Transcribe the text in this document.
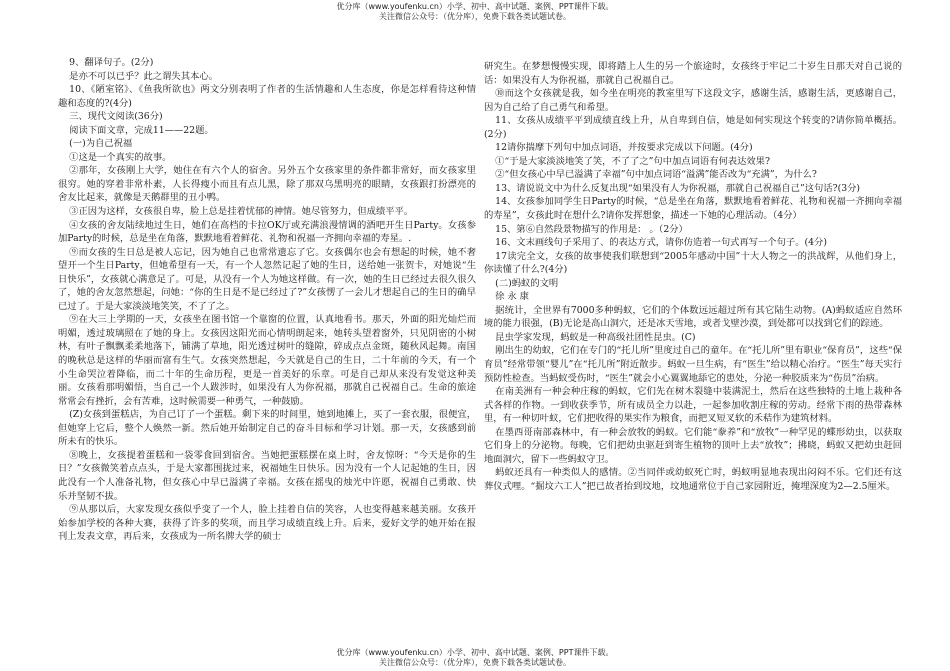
优分库（www.youfenku.cn）小学、初中、高中试题、案例、PPT课件下载。
关注微信公众号：（优分库），免费下载各类试题试卷。

9、翻译句子。(2分)

是亦不可以已乎？此之谓失其本心。

10、《陋室铭》、《鱼我所欲也》两文分别表明了作者的生活情趣和人生态度，你是怎样看待这种情趣和态度的?(4分)

三、现代文阅读(36分)

阅读下面文章，完成11——22题。

(一)为自己祝福

①这是一个真实的故事。

②那年，女孩刚上大学，她住在有六个人的宿舍。另外五个女孩家里的条件都非常好，而女孩家里很穷。她的穿着非常朴素，人长得瘦小而且有点儿黑，除了那双乌黑明亮的眼睛，女孩跟打扮漂亮的舍友比起来，就像是天鹅群里的丑小鸭。

③正因为这样，女孩很自卑，脸上总是挂着忧郁的神情。她尽管努力，但成绩平平。

④女孩的舍友陆续地过生日，她们在高档的卡拉OK厅或充满浪漫情调的酒吧开生日Party。女孩参加Party的时候，总是坐在角落，默默地看着鲜花、礼物和祝福一齐拥向幸福的寿星。.

⑨而女孩的生日总是被人忘记，因为她自己也常常遗忘了它。女孩偶尔也会有想起的时候，她不奢望开一个生日Party，但她希望有一天，有一个人忽然记起了她的生日，送给她一张贺卡，对她说“生日快乐”，女孩就心满意足了。可是，从没有一个人为她这样做。有一次，她的生日已经过去很久很久了，她的舍友忽然想起，问她：“你的生日是不是已经过了?”女孩愣了一会儿才想起自己的生日的确早已过了。于是大家淡淡地笑笑，不了了之。

⑨在大三上学期的一天，女孩坐在图书馆一个靠窗的位置，认真地看书。那天，外面的阳光灿烂而明媚，透过玻璃照在了她的身上。女孩因这阳光而心情明朗起来，她转头望着窗外，只见阴密的小树林，有叶子飘飘柔柔地落下，铺满了草地，阳光透过树叶的缝隙，碎成点点金斑，随秋风起舞。南国的晚秋总是这样的华丽而富有生气。女孩突然想起，今天就是自己的生日，二十年前的今天，有一个小生命哭泣着降临，而二十年的生命历程，更是一首美好的乐章。可是自己却从来没有发觉这种美丽。女孩看那明媚悟，当自己一个人跋涉时，如果没有人为你祝福，那就自己祝福自己。生命的旅途常常会有挫折，会有苦难，这时候需要一种勇气，一种鼓励。

(Z)女孩到蛋糕店，为自己订了一个蛋糕。剩下来的时间里，她到地摊上，买了一套衣服，很便宜，但她穿上它后，整个人焕然一新。然后她开始制定自己的奋斗目标和学习计划。那一天，女孩感到前所未有的快乐。

⑧晚上，女孩提着蛋糕和一袋零食回到宿舍。当她把蛋糕摆在桌上时，舍友惊呀：“今天是你的生日？”女孩微笑着点点头，于是大家都围拢过来，祝福她生日快乐。因为没有一个人记起她的生日，因此没有一个人准备礼物，但女孩心中早已溢满了幸福。女孩在摇曳的烛光中许愿，祝福自己勇敢、快乐并坚韧不拔。

⑨从那以后，大家发现女孩似乎变了一个人，脸上挂着自信的笑容，人也变得越来越美丽。女孩开始参加学校的各种大赛，获得了许多的奖项，而且学习成绩直线上升。后来，爱好文学的她开始在报刊上发表文章，再后来，女孩成为一所名牌大学的硕士

研究生。在梦想慢慢实现，即将踏上人生的另一个旅途时，女孩终于牢记二十岁生日那天对自己说的话：如果没有人为你祝福，那就自己祝福自己。

⑩而这个女孩就是我，如今坐在明亮的教室里写下这段文字，感谢生活，感谢生活，更感谢自己，因为自己给了自己勇气和希望。

11、女孩从成绩平平到成绩直线上升，从自卑到自信，她是如何实现这个转变的?请你简单概括。(2分)

12请你揣摩下列句中加点词语，并按要求完成以下问题。(4分)

①“于是大家淡淡地笑了笑，不了了之”句中加点词语有何表达效果?

②“但女孩心中早已溢满了幸福”句中加点词语“溢满”能否改为“充满”，为什么?

13、请说说文中为什么反复出现“如果没有人为你祝福，那就自己祝福自己”这句话?(3分)

14、女孩参加同学生日Party的时候，“总是坐在角落，默默地看着鲜花、礼物和祝福一齐拥向幸福的寿星”，女孩此时在想什么?请你发挥想象，描述一下她的心理活动。（4分）

15、第⑥自然段景物描写的作用是： 。（2分）

16、文末画线句子采用了、的表达方式，请你仿造着一句式再写一个句子。(4分)

17读完全文，女孩的故事使我们联想到“2005年感动中国”十大人物之一的洪战辉，从他们身上，你读懂了什么?(4分)

(二)蚂蚁的文明

徐 永 康

据统计，全世界有7000多种蚂蚁，它们的个体数远远超过所有其它陆生动物。(A)蚂蚁适应自然环境的能力很强，(B)无论是高山洞穴，还是冰天雪地，或者戈壁沙漠，到处都可以找到它们的踪迹。

昆虫学家发现，蚂蚁是一种高级社团性昆虫。(C)

刚出生的幼蚁，它们在专门的“托儿所”里度过自己的童年。在“托儿所”里有职业“保育员”，这些“保育员”经常带领“婴儿”在“托儿所”附近散步。蚂蚁一旦生病，有“医生”给以精心治疗。“医生”每天实行预防性检查。当蚂蚁受伤时，“医生”就会小心翼翼地舔它的患处，分泌一种胶质来为“伤员”治病。

在南美洲有一种会种庄稼的蚂蚁，它们先在树木裂缝中装满泥土，然后在这些独特的土地上栽种各式各样的作物。一到收获季节，所有成员全力以赴，一起参加收割庄稼的劳动。经常下雨的热带森林里，有一种切叶蚁，它们把收得的果实作为粮食，而把叉短叉软的禾秸作为建筑材料。

在墨西哥南部森林中，有一种会放牧的蚂蚁。它们能“豢养”和“放牧”一种罕见的蝶形幼虫，以获取它们身上的分泌物。每晚，它们把幼虫驱赶到寄生植物的顶叶上去“放牧”；拂晓，蚂蚁又把幼虫赶回地面洞穴，留下一些蚂蚁守卫。

蚂蚁还具有一种类似人的感情。②当同伴或幼蚁死亡时，蚂蚁明显地表现出闷闷不乐。它们还有这葬仪式哩。“掘坟六工人”把已故者抬到坟地，坟地通常位于自己家园附近，掩埋深度为2—2.5厘米。

优分库（www.youfenku.cn）小学、初中、高中试题、案例、PPT课件下载。
关注微信公众号：（优分库），免费下载各类试题试卷。
